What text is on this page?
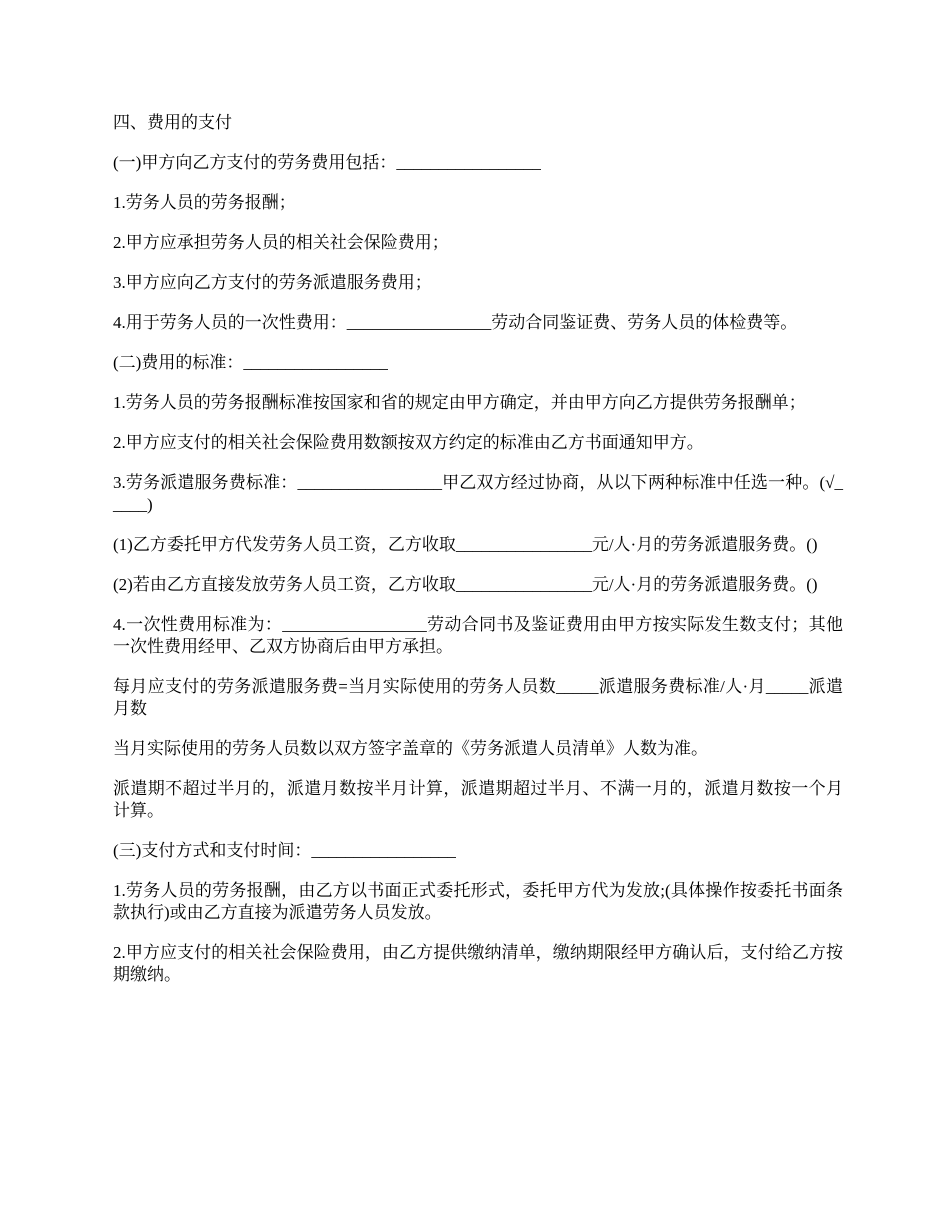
四、费用的支付

(一)甲方向乙方支付的劳务费用包括：_________________

1.劳务人员的劳务报酬；

2.甲方应承担劳务人员的相关社会保险费用；

3.甲方应向乙方支付的劳务派遣服务费用；

4.用于劳务人员的一次性费用：_________________劳动合同鉴证费、劳务人员的体检费等。

(二)费用的标准：_________________

1.劳务人员的劳务报酬标准按国家和省的规定由甲方确定，并由甲方向乙方提供劳务报酬单；

2.甲方应支付的相关社会保险费用数额按双方约定的标准由乙方书面通知甲方。

3.劳务派遣服务费标准：_________________甲乙双方经过协商，从以下两种标准中任选一种。(√_____)

(1)乙方委托甲方代发劳务人员工资，乙方收取________________元/人·月的劳务派遣服务费。()

(2)若由乙方直接发放劳务人员工资，乙方收取________________元/人·月的劳务派遣服务费。()

4.一次性费用标准为：_________________劳动合同书及鉴证费用由甲方按实际发生数支付；其他一次性费用经甲、乙双方协商后由甲方承担。

每月应支付的劳务派遣服务费=当月实际使用的劳务人员数_____派遣服务费标准/人·月_____派遣月数

当月实际使用的劳务人员数以双方签字盖章的《劳务派遣人员清单》人数为准。

派遣期不超过半月的，派遣月数按半月计算，派遣期超过半月、不满一月的，派遣月数按一个月计算。

(三)支付方式和支付时间：_________________

1.劳务人员的劳务报酬，由乙方以书面正式委托形式，委托甲方代为发放;(具体操作按委托书面条款执行)或由乙方直接为派遣劳务人员发放。

2.甲方应支付的相关社会保险费用，由乙方提供缴纳清单，缴纳期限经甲方确认后，支付给乙方按期缴纳。
